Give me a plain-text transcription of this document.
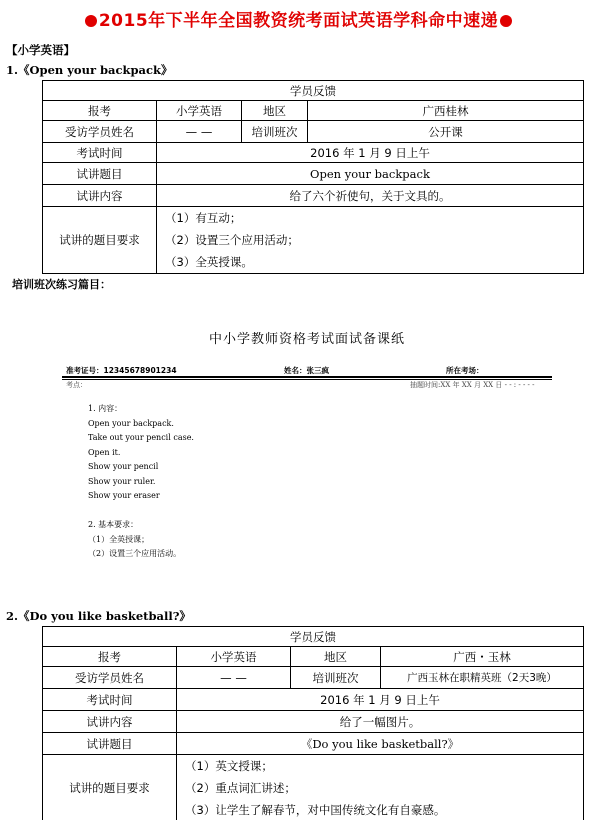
2015年下半年全国教资统考面试英语学科命中速递
【小学英语】
1.《Open your backpack》
学员反馈			
报考	小学英语	地区	广西桂林
受访学员姓名	— —	培训班次	公开课
考试时间	2016 年 1 月 9 日上午		
试讲题目	Open your backpack		
试讲内容	给了六个祈使句，关于文具的。		
试讲的题目要求	（1）有互动；
（2）设置三个应用活动；
（3）全英授课。		
培训班次练习篇目：
中小学教师资格考试面试备课纸
准考证号：12345678901234	姓名：张三疯	所在考场：
考点：	抽题时间:XX 年 XX 月 XX 日 - - : - - - -
1. 内容：
Open your backpack.
Take out your pencil case.
Open it.
Show your pencil
Show your ruler.
Show your eraser
2. 基本要求：
（1）全英授课；
（2）设置三个应用活动。
2.《Do you like basketball?》
学员反馈			
报考	小学英语	地区	广西・玉林
受访学员姓名	— —	培训班次	广西玉林在职精英班（2天3晚）
考试时间	2016 年 1 月 9 日上午		
试讲内容	给了一幅图片。		
试讲题目	《Do you like basketball?》		
试讲的题目要求	（1）英文授课；
（2）重点词汇讲述；
（3）让学生了解春节，对中国传统文化有自豪感。		
